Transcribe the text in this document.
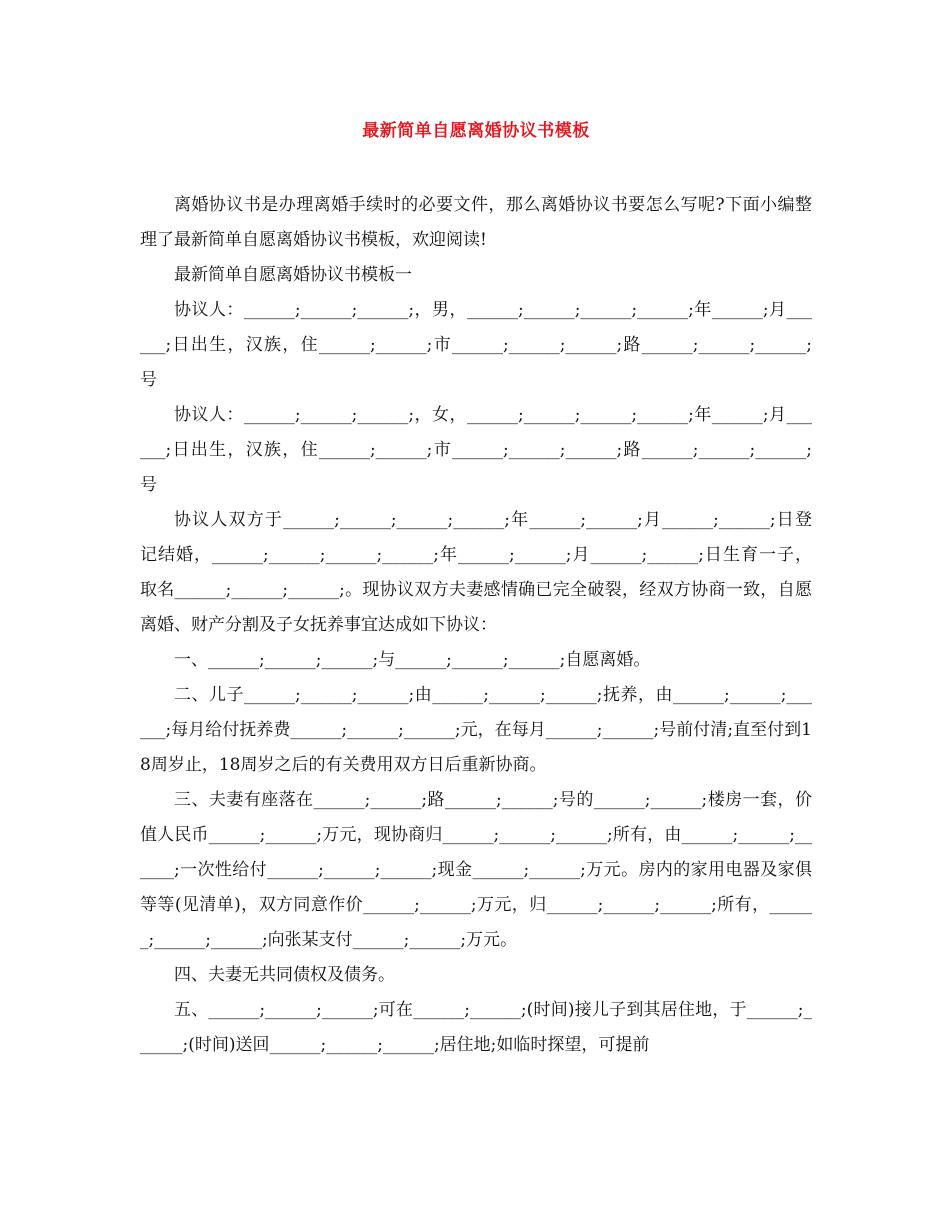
最新简单自愿离婚协议书模板

离婚协议书是办理离婚手续时的必要文件，那么离婚协议书要怎么写呢?下面小编整理了最新简单自愿离婚协议书模板，欢迎阅读!

最新简单自愿离婚协议书模板一

协议人：______;______;______;，男，______;______;______;______;年______;月______;日出生，汉族，住______;______;市______;______;______;路______;______;______;号

协议人：______;______;______;，女，______;______;______;______;年______;月______;日出生，汉族，住______;______;市______;______;______;路______;______;______;号

协议人双方于______;______;______;______;年______;______;月______;______;日登记结婚，______;______;______;______;年______;______;月______;______;日生育一子，取名______;______;______;。现协议双方夫妻感情确已完全破裂，经双方协商一致，自愿离婚、财产分割及子女抚养事宜达成如下协议：

一、______;______;______;与______;______;______;自愿离婚。

二、儿子______;______;______;由______;______;______;抚养，由______;______;______;每月给付抚养费______;______;______;元，在每月______;______;号前付清;直至付到18周岁止，18周岁之后的有关费用双方日后重新协商。

三、夫妻有座落在______;______;路______;______;号的______;______;楼房一套，价值人民币______;______;万元，现协商归______;______;______;所有，由______;______;______;一次性给付______;______;______;现金______;______;万元。房内的家用电器及家俱等等(见清单)，双方同意作价______;______;万元，归______;______;______;所有，______;______;______;向张某支付______;______;万元。

四、夫妻无共同债权及债务。

五、______;______;______;可在______;______;(时间)接儿子到其居住地，于______;______;(时间)送回______;______;______;居住地;如临时探望，可提前
